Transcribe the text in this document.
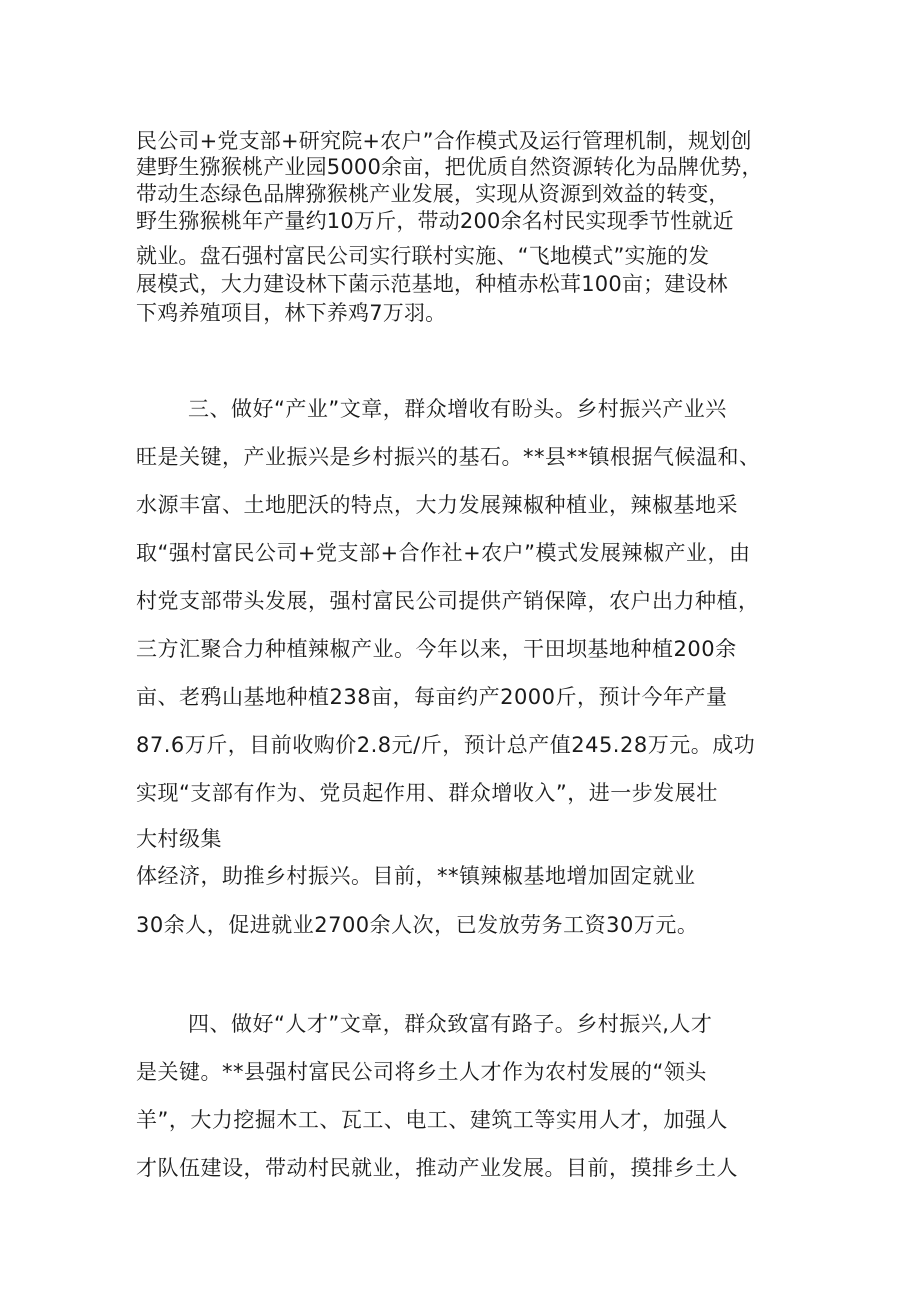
民公司+党支部+研究院+农户”合作模式及运行管理机制，规划创
建野生猕猴桃产业园5000余亩，把优质自然资源转化为品牌优势，
带动生态绿色品牌猕猴桃产业发展，实现从资源到效益的转变，
野生猕猴桃年产量约10万斤，带动200余名村民实现季节性就近
就业。盘石强村富民公司实行联村实施、“飞地模式”实施的发
展模式，大力建设林下菌示范基地，种植赤松茸100亩；建设林
下鸡养殖项目，林下养鸡7万羽。
三、做好“产业”文章，群众增收有盼头。乡村振兴产业兴
旺是关键，产业振兴是乡村振兴的基石。**县**镇根据气候温和、
水源丰富、土地肥沃的特点，大力发展辣椒种植业，辣椒基地采
取“强村富民公司+党支部+合作社+农户”模式发展辣椒产业，由
村党支部带头发展，强村富民公司提供产销保障，农户出力种植，
三方汇聚合力种植辣椒产业。今年以来，干田坝基地种植200余
亩、老鸦山基地种植238亩，每亩约产2000斤，预计今年产量
87.6万斤，目前收购价2.8元/斤，预计总产值245.28万元。成功
实现“支部有作为、党员起作用、群众增收入”，进一步发展壮
大村级集
体经济，助推乡村振兴。目前，**镇辣椒基地增加固定就业
30余人，促进就业2700余人次，已发放劳务工资30万元。
四、做好“人才”文章，群众致富有路子。乡村振兴,人才
是关键。**县强村富民公司将乡土人才作为农村发展的“领头
羊”，大力挖掘木工、瓦工、电工、建筑工等实用人才，加强人
才队伍建设，带动村民就业，推动产业发展。目前，摸排乡土人
